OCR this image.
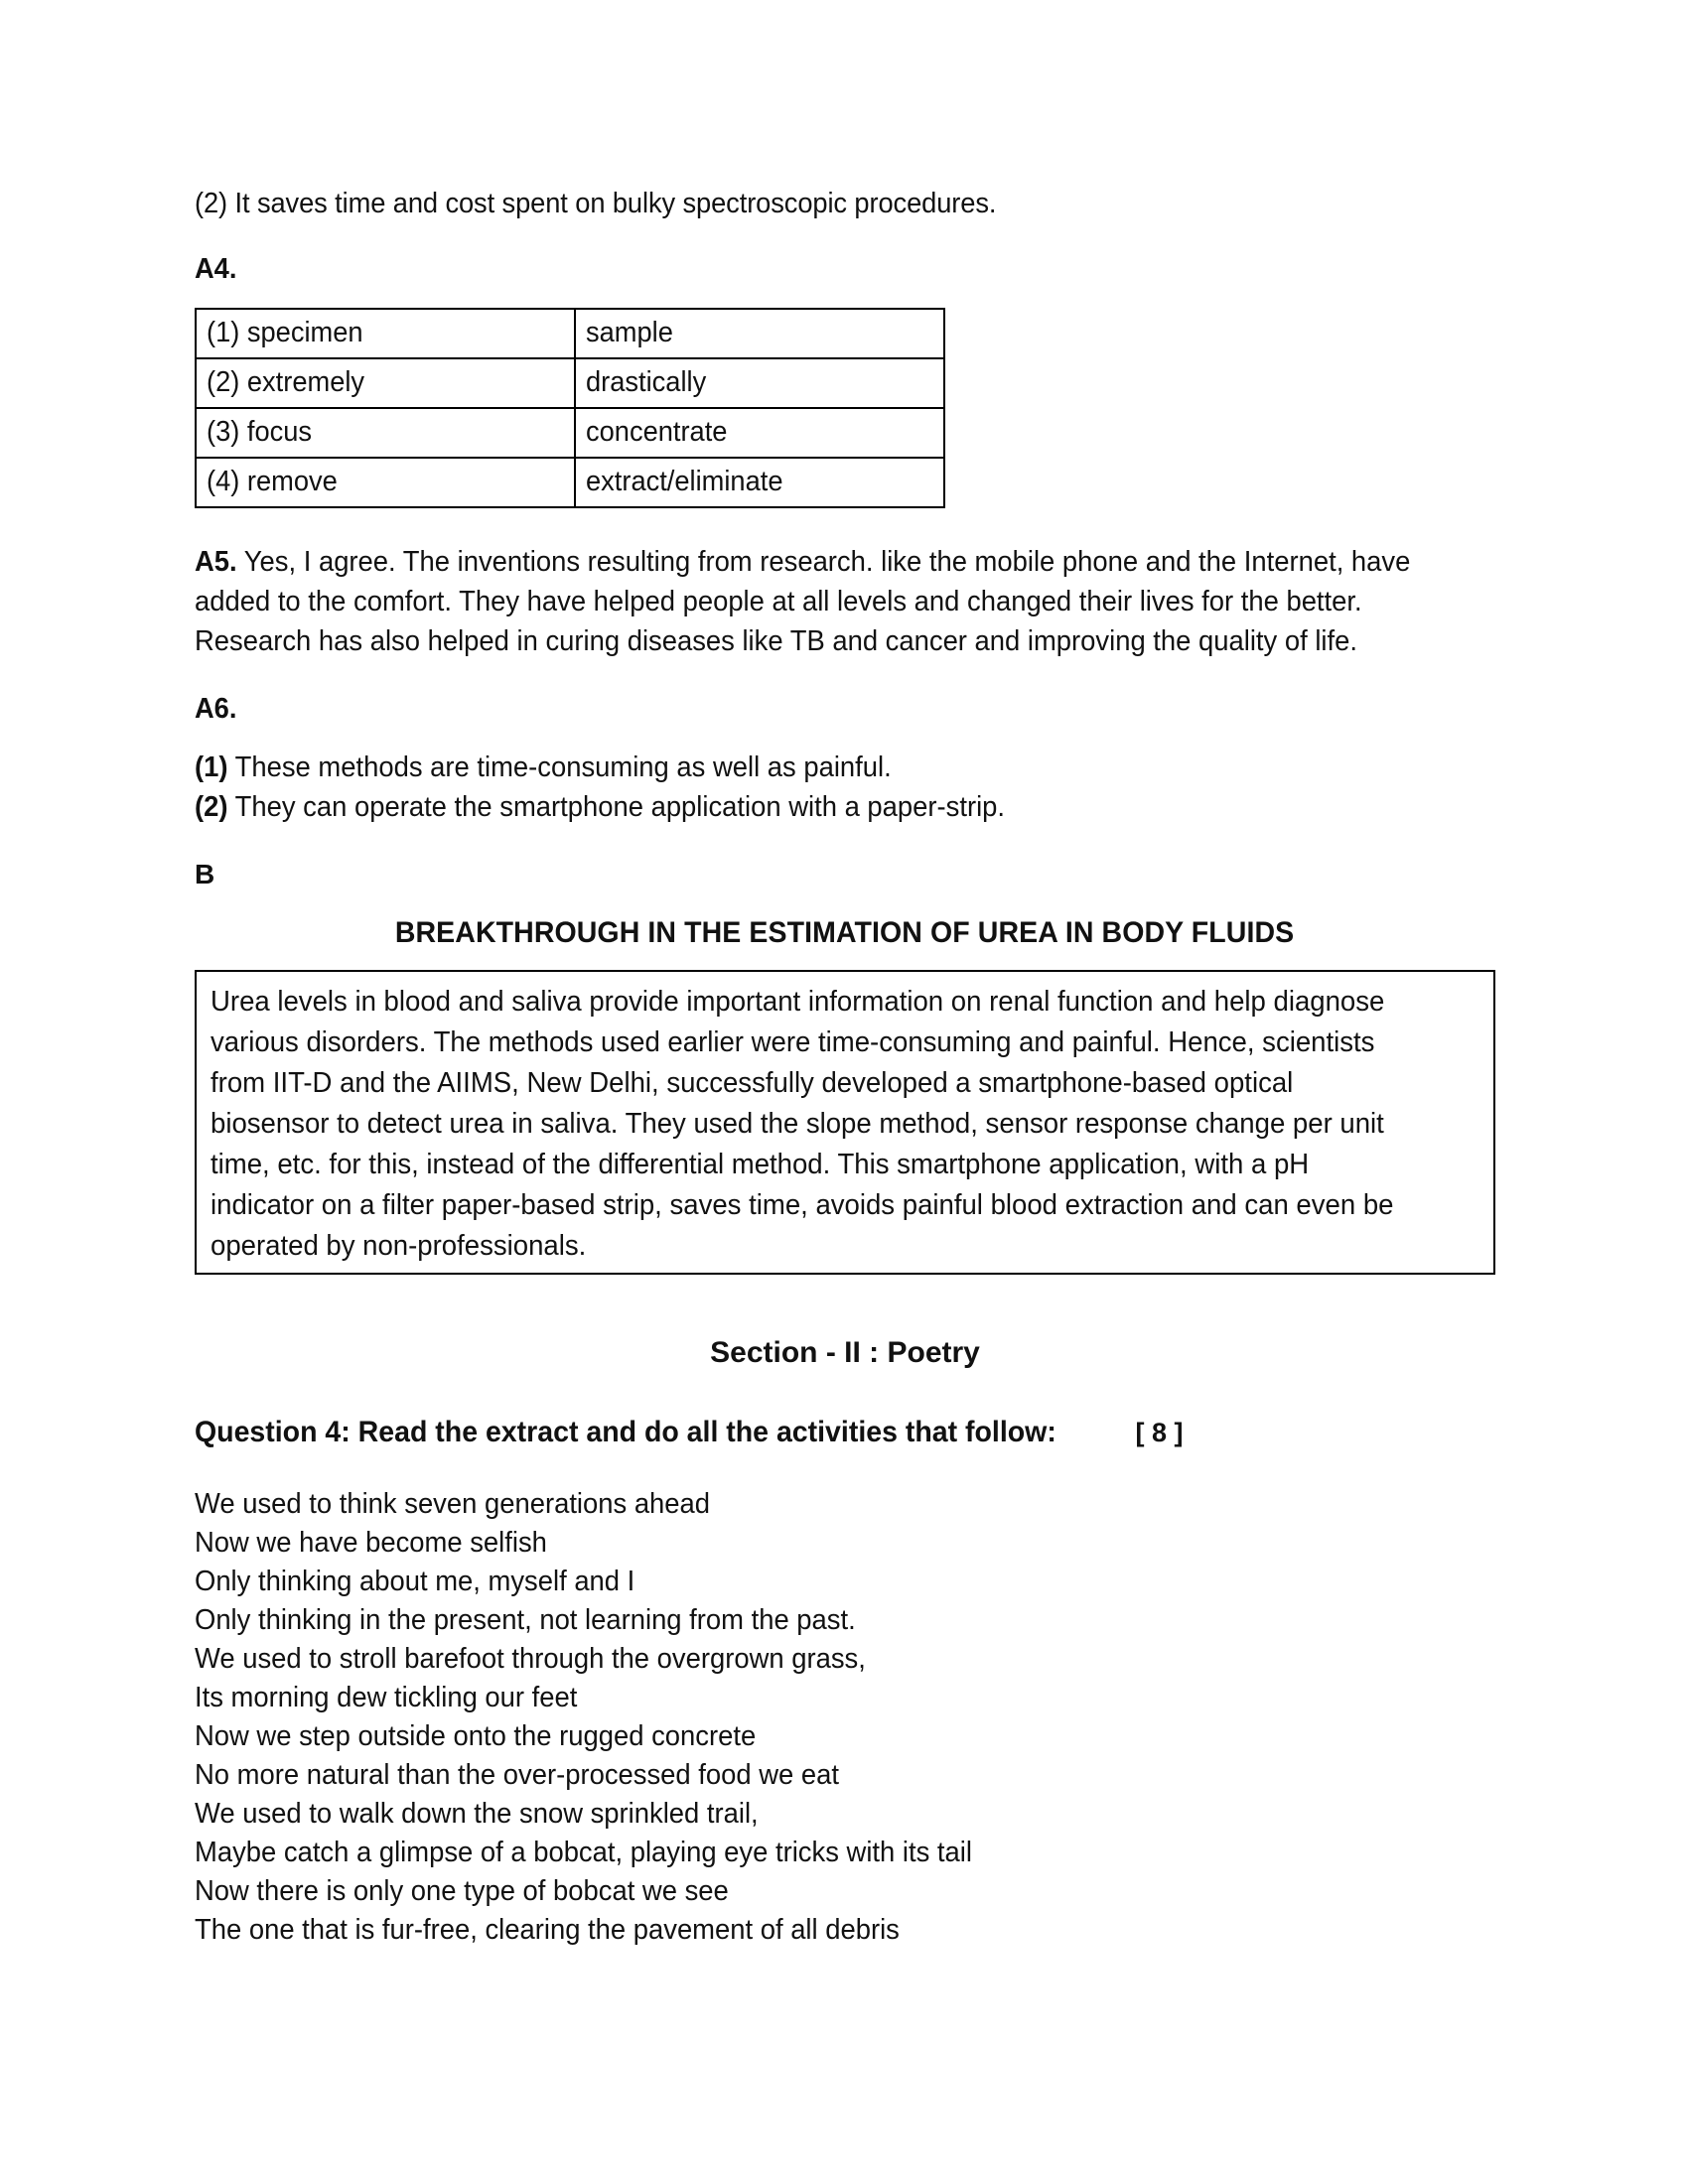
(2) It saves time and cost spent on bulky spectroscopic procedures.
A4.
(1) specimen	sample

(2) extremely	drastically

(3) focus	concentrate

(4) remove	extract/eliminate
A5. Yes, I agree. The inventions resulting from research. like the mobile phone and the Internet, have added to the comfort. They have helped people at all levels and changed their lives for the better. Research has also helped in curing diseases like TB and cancer and improving the quality of life.
A6.
(1) These methods are time-consuming as well as painful.
(2) They can operate the smartphone application with a paper-strip.
B
BREAKTHROUGH IN THE ESTIMATION OF UREA IN BODY FLUIDS
Urea levels in blood and saliva provide important information on renal function and help diagnose various disorders. The methods used earlier were time-consuming and painful. Hence, scientists from IIT-D and the AIIMS, New Delhi, successfully developed a smartphone-based optical biosensor to detect urea in saliva. They used the slope method, sensor response change per unit time, etc. for this, instead of the differential method. This smartphone application, with a pH indicator on a filter paper-based strip, saves time, avoids painful blood extraction and can even be operated by non-professionals.
Section - II : Poetry
Question 4: Read the extract and do all the activities that follow:	[ 8 ]
We used to think seven generations ahead
Now we have become selfish
Only thinking about me, myself and I
Only thinking in the present, not learning from the past.
We used to stroll barefoot through the overgrown grass,
Its morning dew tickling our feet
Now we step outside onto the rugged concrete
No more natural than the over-processed food we eat
We used to walk down the snow sprinkled trail,
Maybe catch a glimpse of a bobcat, playing eye tricks with its tail
Now there is only one type of bobcat we see
The one that is fur-free, clearing the pavement of all debris
